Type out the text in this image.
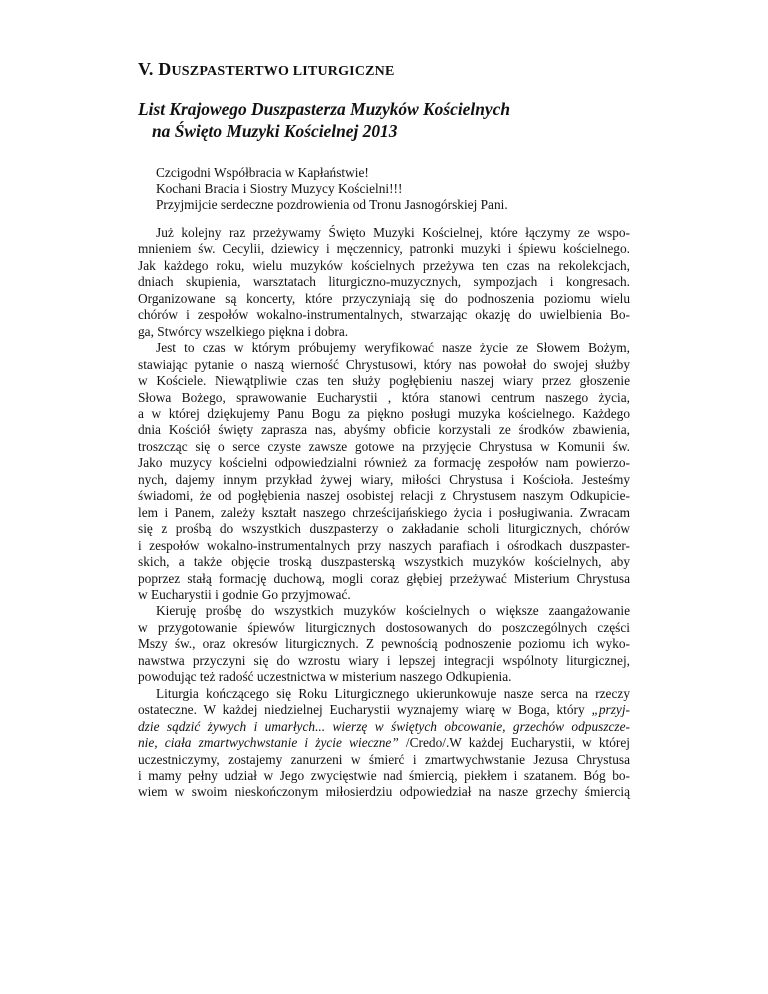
V. DUSZPASTERTWO LITURGICZNE
List Krajowego Duszpasterza Muzyków Kościelnych
na Święto Muzyki Kościelnej 2013
Czcigodni Współbracia w Kapłaństwie!
Kochani Bracia i Siostry Muzycy Kościelni!!!
Przyjmijcie serdeczne pozdrowienia od Tronu Jasnogórskiej Pani.
Już kolejny raz przeżywamy Święto Muzyki Kościelnej, które łączymy ze wspo-
mnieniem św. Cecylii, dziewicy i męczennicy, patronki muzyki i śpiewu kościelnego.
Jak każdego roku, wielu muzyków kościelnych przeżywa ten czas na rekolekcjach,
dniach skupienia, warsztatach liturgiczno-muzycznych, sympozjach i kongresach.
Organizowane są koncerty, które przyczyniają się do podnoszenia poziomu wielu
chórów i zespołów wokalno-instrumentalnych, stwarzając okazję do uwielbienia Bo-
ga, Stwórcy wszelkiego piękna i dobra.
Jest to czas w którym próbujemy weryfikować nasze życie ze Słowem Bożym,
stawiając pytanie o naszą wierność Chrystusowi, który nas powołał do swojej służby
w Kościele. Niewątpliwie czas ten służy pogłębieniu naszej wiary przez głoszenie
Słowa Bożego, sprawowanie Eucharystii , która stanowi centrum naszego życia,
a w której dziękujemy Panu Bogu za piękno posługi muzyka kościelnego. Każdego
dnia Kościół święty zaprasza nas, abyśmy obficie korzystali ze środków zbawienia,
troszcząc się o serce czyste zawsze gotowe na przyjęcie Chrystusa w Komunii św.
Jako muzycy kościelni odpowiedzialni również za formację zespołów nam powierzo-
nych, dajemy innym przykład żywej wiary, miłości Chrystusa i Kościoła. Jesteśmy
świadomi, że od pogłębienia naszej osobistej relacji z Chrystusem naszym Odkupicie-
lem i Panem, zależy kształt naszego chrześcijańskiego życia i posługiwania. Zwracam
się z prośbą do wszystkich duszpasterzy o zakładanie scholi liturgicznych, chórów
i zespołów wokalno-instrumentalnych przy naszych parafiach i ośrodkach duszpaster-
skich, a także objęcie troską duszpasterską wszystkich muzyków kościelnych, aby
poprzez stałą formację duchową, mogli coraz głębiej przeżywać Misterium Chrystusa
w Eucharystii i godnie Go przyjmować.
Kieruję prośbę do wszystkich muzyków kościelnych o większe zaangażowanie
w przygotowanie śpiewów liturgicznych dostosowanych do poszczególnych części
Mszy św., oraz okresów liturgicznych. Z pewnością podnoszenie poziomu ich wyko-
nawstwa przyczyni się do wzrostu wiary i lepszej integracji wspólnoty liturgicznej,
powodując też radość uczestnictwa w misterium naszego Odkupienia.
Liturgia kończącego się Roku Liturgicznego ukierunkowuje nasze serca na rzeczy
ostateczne. W każdej niedzielnej Eucharystii wyznajemy wiarę w Boga, który „przyj-
dzie sądzić żywych i umarłych... wierzę w świętych obcowanie, grzechów odpuszcze-
nie, ciała zmartwychwstanie i życie wieczne” /Credo/.W każdej Eucharystii, w której
uczestniczymy, zostajemy zanurzeni w śmierć i zmartwychwstanie Jezusa Chrystusa
i mamy pełny udział w Jego zwycięstwie nad śmiercią, piekłem i szatanem. Bóg bo-
wiem w swoim nieskończonym miłosierdziu odpowiedział na nasze grzechy śmiercią
